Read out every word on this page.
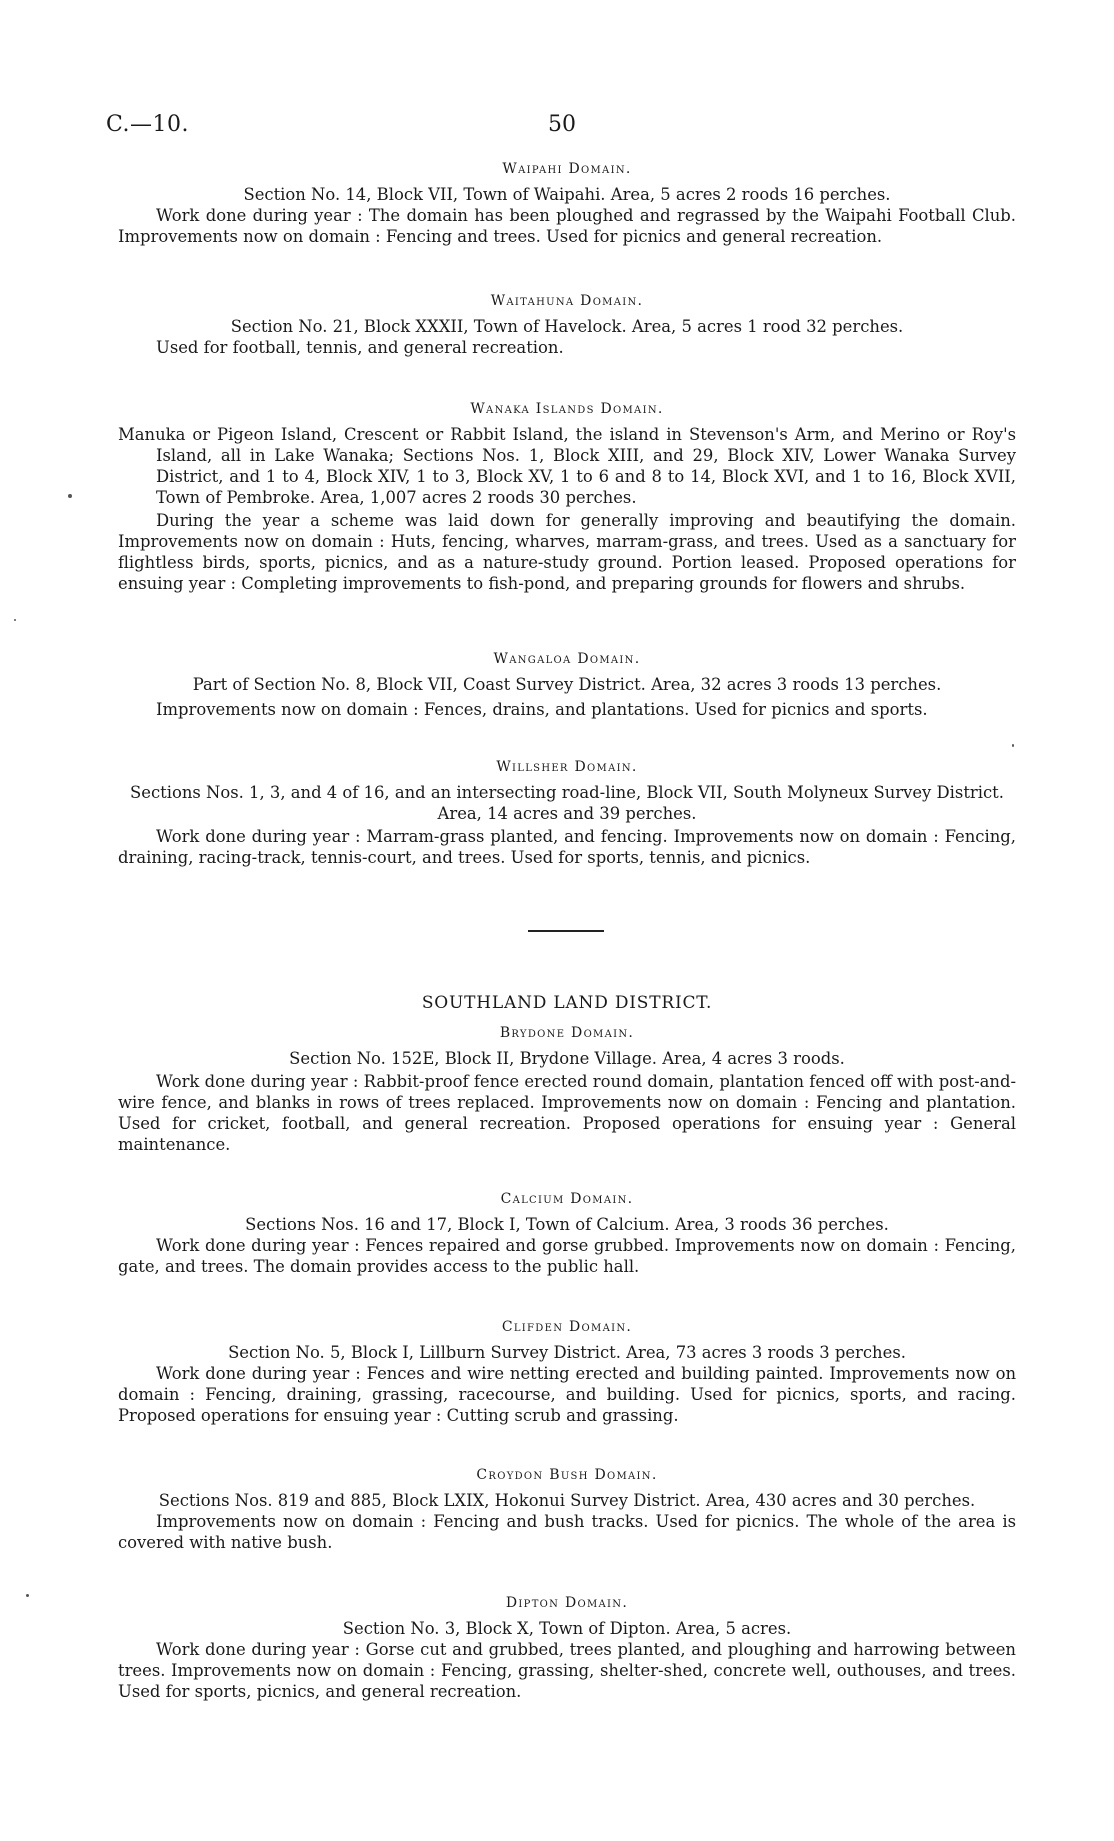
C.—10.	50
Waipahi Domain.

Section No. 14, Block VII, Town of Waipahi. Area, 5 acres 2 roods 16 perches.

Work done during year : The domain has been ploughed and regrassed by the Waipahi Football Club. Improvements now on domain : Fencing and trees. Used for picnics and general recreation.

Waitahuna Domain.

Section No. 21, Block XXXII, Town of Havelock. Area, 5 acres 1 rood 32 perches.

Used for football, tennis, and general recreation.

Wanaka Islands Domain.

Manuka or Pigeon Island, Crescent or Rabbit Island, the island in Stevenson's Arm, and Merino or Roy's Island, all in Lake Wanaka; Sections Nos. 1, Block XIII, and 29, Block XIV, Lower Wanaka Survey District, and 1 to 4, Block XIV, 1 to 3, Block XV, 1 to 6 and 8 to 14, Block XVI, and 1 to 16, Block XVII, Town of Pembroke. Area, 1,007 acres 2 roods 30 perches.

During the year a scheme was laid down for generally improving and beautifying the domain. Improvements now on domain : Huts, fencing, wharves, marram-grass, and trees. Used as a sanctuary for flightless birds, sports, picnics, and as a nature-study ground. Portion leased. Proposed operations for ensuing year : Completing improvements to fish-pond, and preparing grounds for flowers and shrubs.

Wangaloa Domain.

Part of Section No. 8, Block VII, Coast Survey District. Area, 32 acres 3 roods 13 perches.

Improvements now on domain : Fences, drains, and plantations. Used for picnics and sports.

Willsher Domain.

Sections Nos. 1, 3, and 4 of 16, and an intersecting road-line, Block VII, South Molyneux Survey District. Area, 14 acres and 39 perches.

Work done during year : Marram-grass planted, and fencing. Improvements now on domain : Fencing, draining, racing-track, tennis-court, and trees. Used for sports, tennis, and picnics.

SOUTHLAND LAND DISTRICT.
Brydone Domain.

Section No. 152E, Block II, Brydone Village. Area, 4 acres 3 roods.

Work done during year : Rabbit-proof fence erected round domain, plantation fenced off with post-and-wire fence, and blanks in rows of trees replaced. Improvements now on domain : Fencing and plantation. Used for cricket, football, and general recreation. Proposed operations for ensuing year : General maintenance.

Calcium Domain.

Sections Nos. 16 and 17, Block I, Town of Calcium. Area, 3 roods 36 perches.

Work done during year : Fences repaired and gorse grubbed. Improvements now on domain : Fencing, gate, and trees. The domain provides access to the public hall.

Clifden Domain.

Section No. 5, Block I, Lillburn Survey District. Area, 73 acres 3 roods 3 perches.

Work done during year : Fences and wire netting erected and building painted. Improvements now on domain : Fencing, draining, grassing, racecourse, and building. Used for picnics, sports, and racing. Proposed operations for ensuing year : Cutting scrub and grassing.

Croydon Bush Domain.

Sections Nos. 819 and 885, Block LXIX, Hokonui Survey District. Area, 430 acres and 30 perches.

Improvements now on domain : Fencing and bush tracks. Used for picnics. The whole of the area is covered with native bush.

Dipton Domain.

Section No. 3, Block X, Town of Dipton. Area, 5 acres.

Work done during year : Gorse cut and grubbed, trees planted, and ploughing and harrowing between trees. Improvements now on domain : Fencing, grassing, shelter-shed, concrete well, outhouses, and trees. Used for sports, picnics, and general recreation.
